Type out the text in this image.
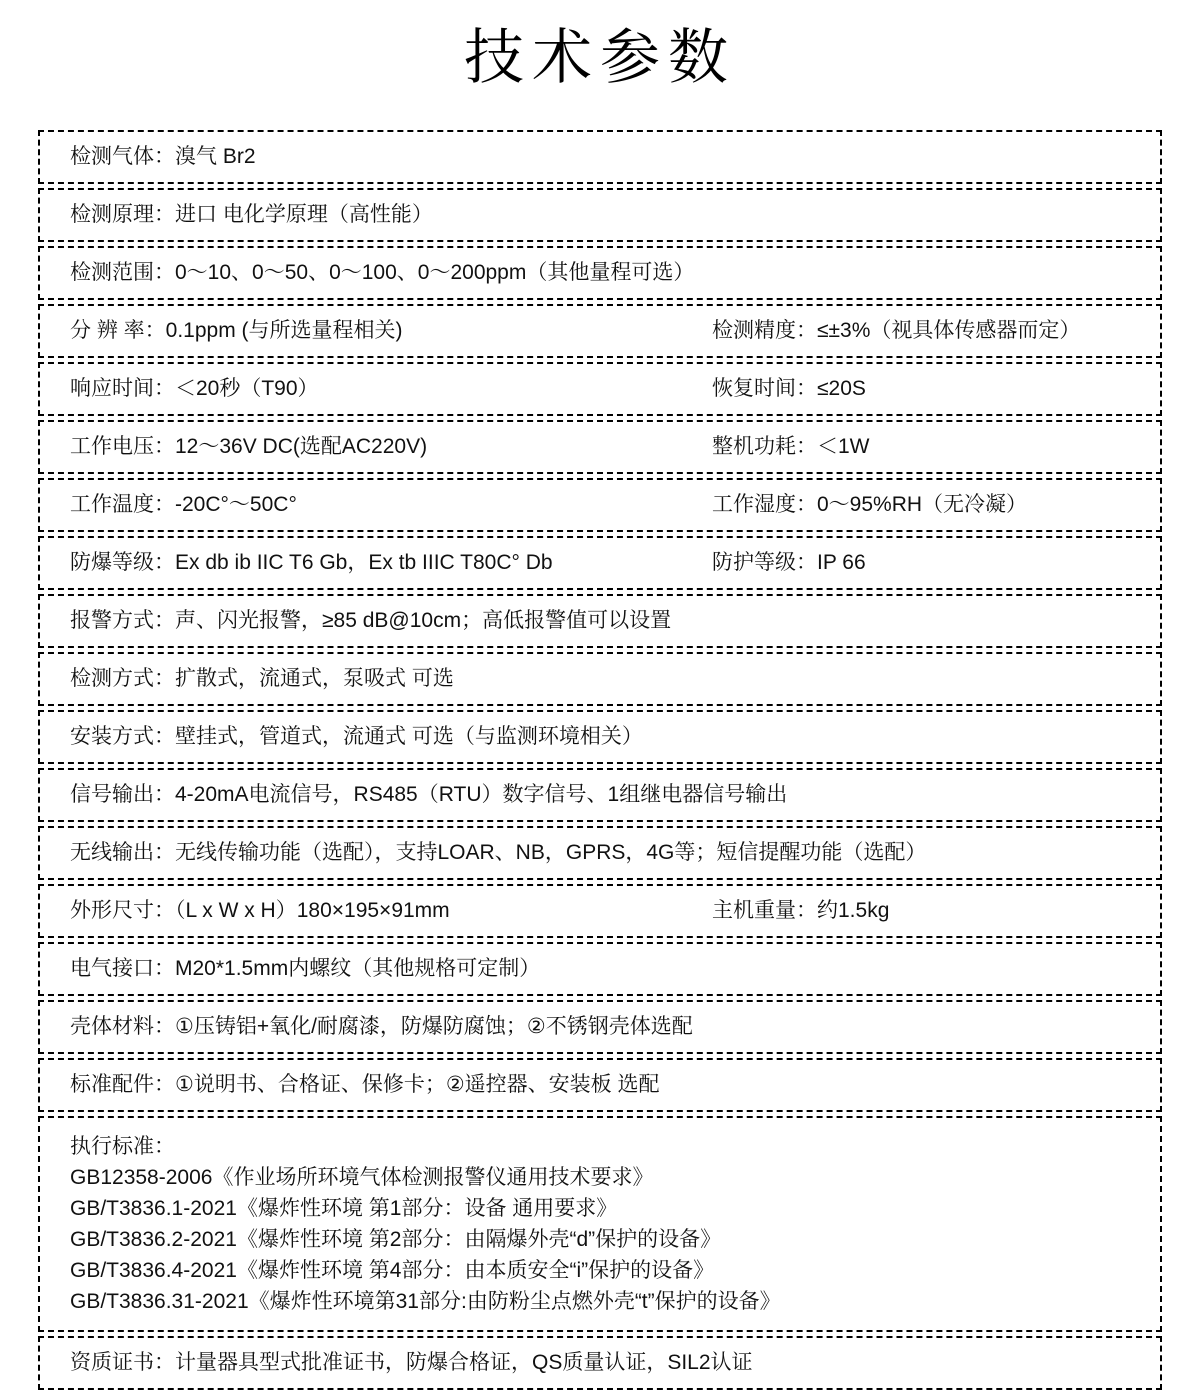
技术参数
检测气体：溴气 Br2
检测原理：进口 电化学原理（高性能）
检测范围：0～10、0～50、0～100、0～200ppm（其他量程可选）
分 辨 率：0.1ppm (与所选量程相关)	检测精度：≤±3%（视具体传感器而定）
响应时间：＜20秒（T90）	恢复时间：≤20S
工作电压：12～36V DC(选配AC220V)	整机功耗：＜1W
工作温度：-20C°～50C°	工作湿度：0～95%RH（无冷凝）
防爆等级：Ex db ib IIC T6 Gb，Ex tb IIIC T80C° Db	防护等级：IP 66
报警方式：声、闪光报警，≥85 dB@10cm；高低报警值可以设置
检测方式：扩散式，流通式，泵吸式 可选
安装方式：壁挂式，管道式，流通式 可选（与监测环境相关）
信号输出：4-20mA电流信号，RS485（RTU）数字信号、1组继电器信号输出
无线输出：无线传输功能（选配），支持LOAR、NB，GPRS，4G等；短信提醒功能（选配）
外形尺寸：（L x W x H）180×195×91mm	主机重量：约1.5kg
电气接口：M20*1.5mm内螺纹（其他规格可定制）
壳体材料：①压铸铝+氧化/耐腐漆，防爆防腐蚀；②不锈钢壳体选配
标准配件：①说明书、合格证、保修卡；②遥控器、安装板 选配
执行标准：
GB12358-2006《作业场所环境气体检测报警仪通用技术要求》
GB/T3836.1-2021《爆炸性环境 第1部分：设备 通用要求》
GB/T3836.2-2021《爆炸性环境 第2部分：由隔爆外壳“d”保护的设备》
GB/T3836.4-2021《爆炸性环境 第4部分：由本质安全“i”保护的设备》
GB/T3836.31-2021《爆炸性环境第31部分:由防粉尘点燃外壳“t”保护的设备》
资质证书：计量器具型式批准证书，防爆合格证，QS质量认证，SIL2认证
